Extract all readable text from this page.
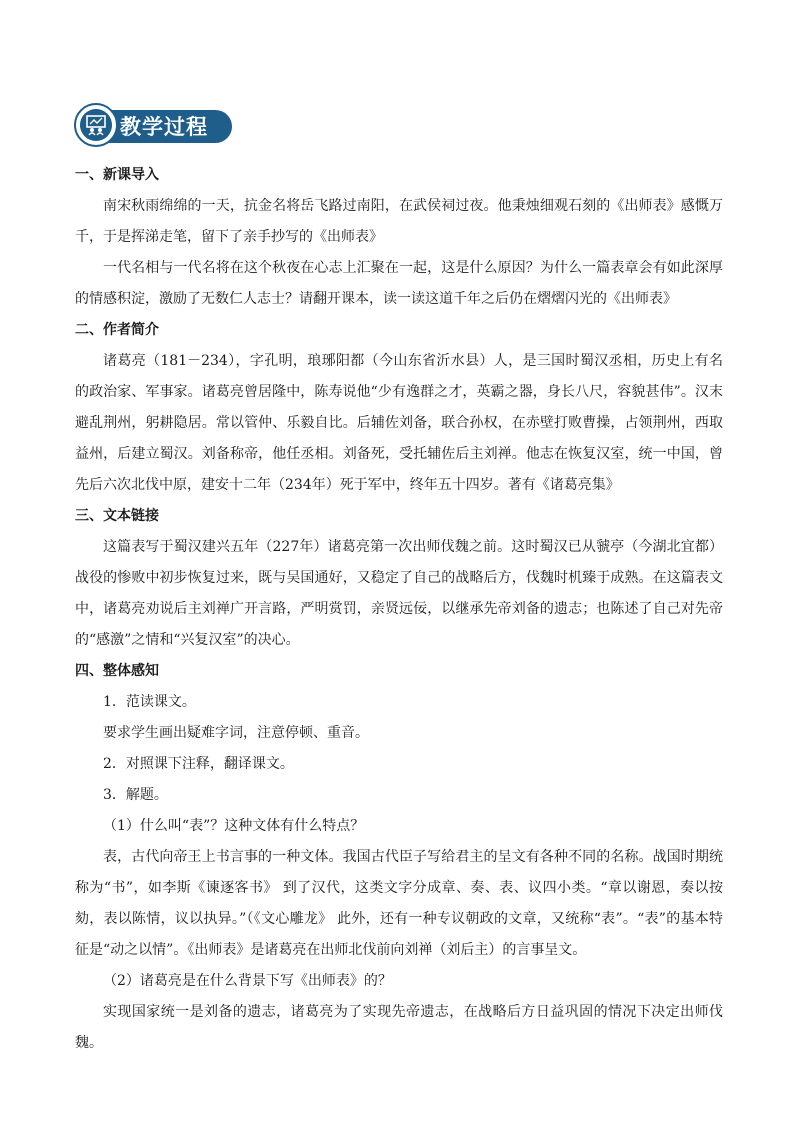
教学过程
一、新课导入

南宋秋雨绵绵的一天，抗金名将岳飞路过南阳，在武侯祠过夜。他秉烛细观石刻的《出师表》感慨万千，于是挥涕走笔，留下了亲手抄写的《出师表》

一代名相与一代名将在这个秋夜在心志上汇聚在一起，这是什么原因？为什么一篇表章会有如此深厚的情感积淀，激励了无数仁人志士？请翻开课本，读一读这道千年之后仍在熠熠闪光的《出师表》

二、作者简介

诸葛亮（181－234），字孔明，琅琊阳都（今山东省沂水县）人，是三国时蜀汉丞相，历史上有名的政治家、军事家。诸葛亮曾居隆中，陈寿说他“少有逸群之才，英霸之器，身长八尺，容貌甚伟”。汉末避乱荆州，躬耕隐居。常以管仲、乐毅自比。后辅佐刘备，联合孙权，在赤壁打败曹操，占领荆州，西取益州，后建立蜀汉。刘备称帝，他任丞相。刘备死，受托辅佐后主刘禅。他志在恢复汉室，统一中国，曾先后六次北伐中原，建安十二年（234年）死于军中，终年五十四岁。著有《诸葛亮集》

三、文本链接

这篇表写于蜀汉建兴五年（227年）诸葛亮第一次出师伐魏之前。这时蜀汉已从虢亭（今湖北宜都）战役的惨败中初步恢复过来，既与吴国通好，又稳定了自己的战略后方，伐魏时机臻于成熟。在这篇表文中，诸葛亮劝说后主刘禅广开言路，严明赏罚，亲贤远佞，以继承先帝刘备的遗志；也陈述了自己对先帝的“感激”之情和“兴复汉室”的决心。

四、整体感知

1．范读课文。

要求学生画出疑难字词，注意停顿、重音。

2．对照课下注释，翻译课文。

3．解题。

（1）什么叫“表”？这种文体有什么特点？

表，古代向帝王上书言事的一种文体。我国古代臣子写给君主的呈文有各种不同的名称。战国时期统称为“书”，如李斯《谏逐客书》 到了汉代，这类文字分成章、奏、表、议四小类。“章以谢恩，奏以按劾，表以陈情，议以执异。”（《文心雕龙》 此外，还有一种专议朝政的文章，又统称“表”。“表”的基本特征是“动之以情”。《出师表》是诸葛亮在出师北伐前向刘禅（刘后主）的言事呈文。

（2）诸葛亮是在什么背景下写《出师表》的？

实现国家统一是刘备的遗志，诸葛亮为了实现先帝遗志，在战略后方日益巩固的情况下决定出师伐魏。
